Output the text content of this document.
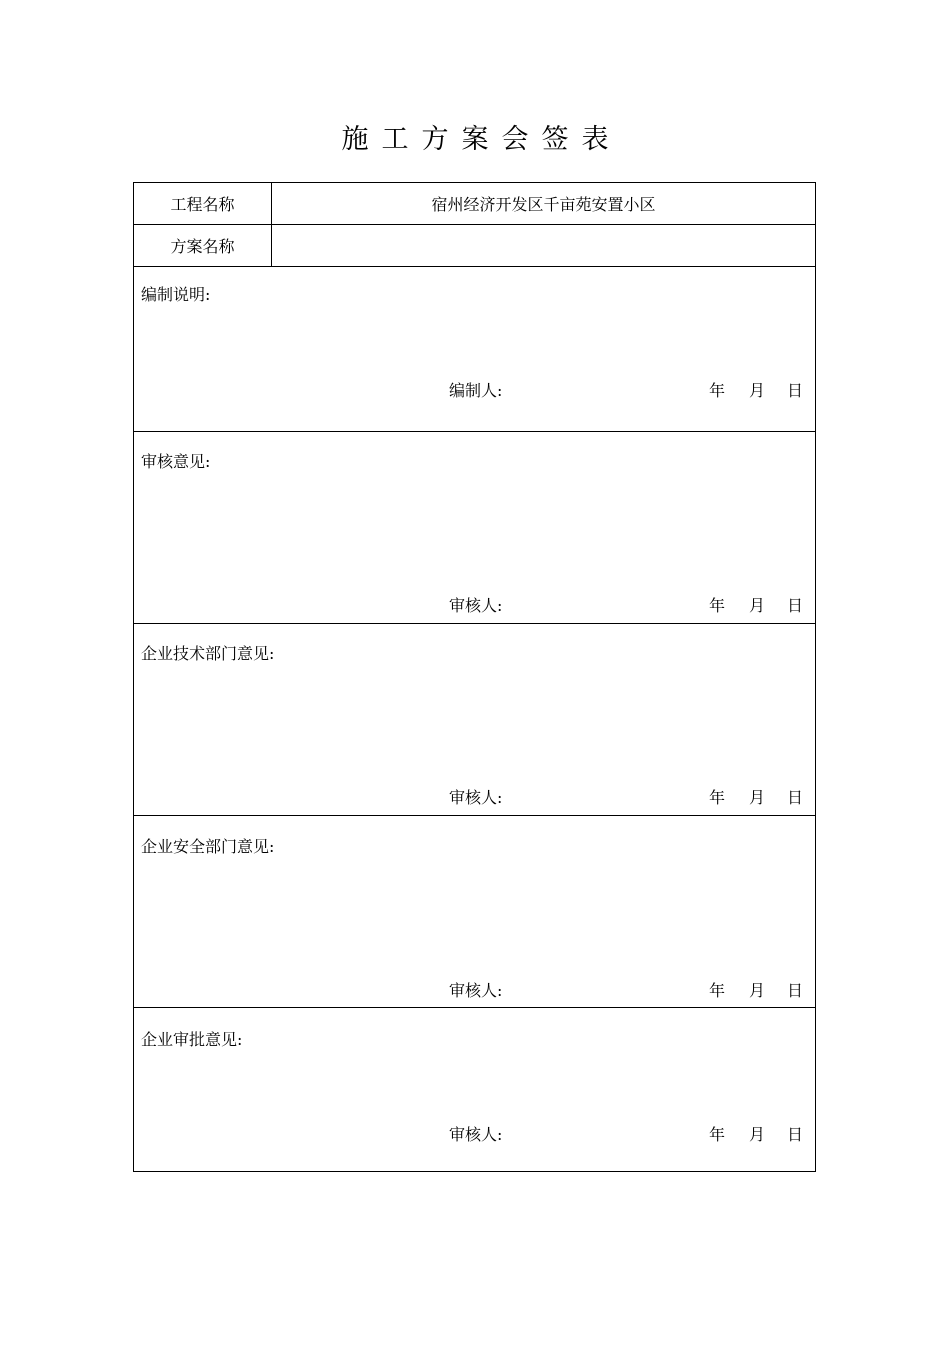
施工方案会签表
工程名称	宿州经济开发区千亩苑安置小区
方案名称
编制说明:
编制人:	年 月 日
审核意见:
审核人:	年 月 日
企业技术部门意见:
审核人:	年 月 日
企业安全部门意见:
审核人:	年 月 日
企业审批意见:
审核人:	年 月 日
